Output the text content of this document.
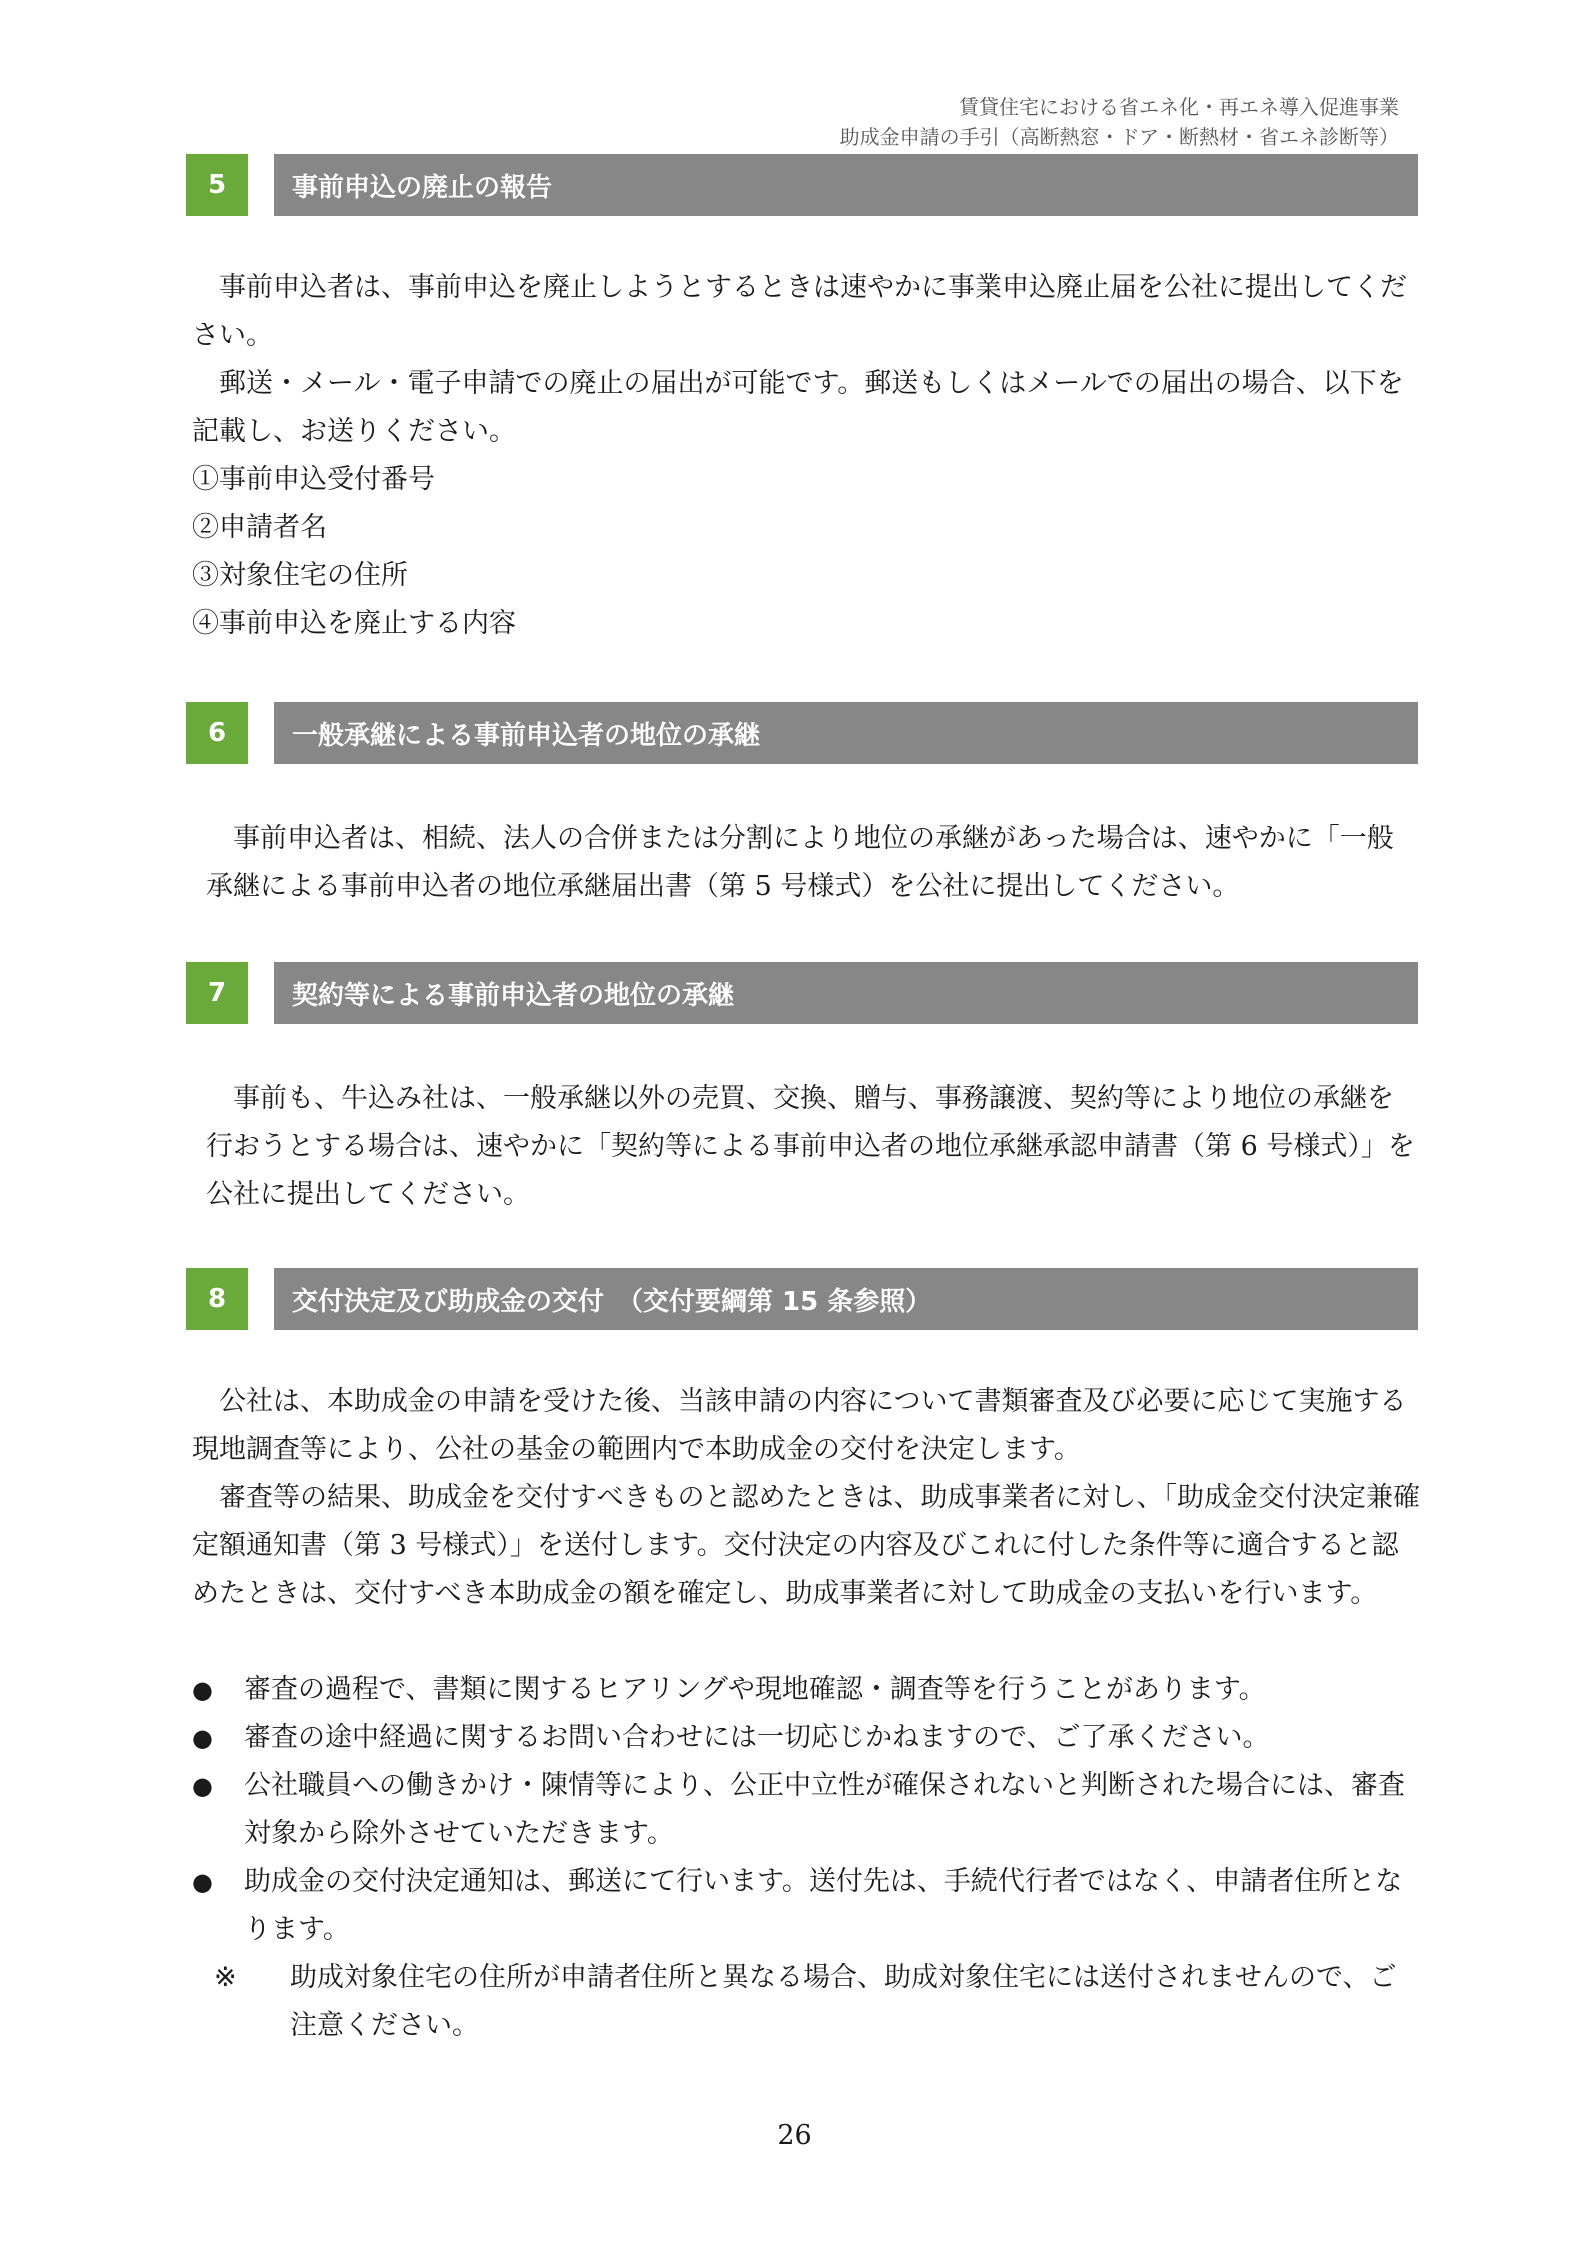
賃貸住宅における省エネ化・再エネ導入促進事業
助成金申請の手引（高断熱窓・ドア・断熱材・省エネ診断等）
5	事前申込の廃止の報告

事前申込者は、事前申込を廃止しようとするときは速やかに事業申込廃止届を公社に提出してください。

郵送・メール・電子申請での廃止の届出が可能です。郵送もしくはメールでの届出の場合、以下を記載し、お送りください。

①事前申込受付番号

②申請者名

③対象住宅の住所

④事前申込を廃止する内容

6	一般承継による事前申込者の地位の承継

事前申込者は、相続、法人の合併または分割により地位の承継があった場合は、速やかに「一般承継による事前申込者の地位承継届出書（第 5 号様式）を公社に提出してください。

7	契約等による事前申込者の地位の承継

事前も、牛込み社は、一般承継以外の売買、交換、贈与、事務譲渡、契約等により地位の承継を行おうとする場合は、速やかに「契約等による事前申込者の地位承継承認申請書（第 6 号様式）」を公社に提出してください。

8	交付決定及び助成金の交付　（交付要綱第 15 条参照）

公社は、本助成金の申請を受けた後、当該申請の内容について書類審査及び必要に応じて実施する現地調査等により、公社の基金の範囲内で本助成金の交付を決定します。

審査等の結果、助成金を交付すべきものと認めたときは、助成事業者に対し、「助成金交付決定兼確定額通知書（第 3 号様式）」を送付します。交付決定の内容及びこれに付した条件等に適合すると認めたときは、交付すべき本助成金の額を確定し、助成事業者に対して助成金の支払いを行います。

● 審査の過程で、書類に関するヒアリングや現地確認・調査等を行うことがあります。
● 審査の途中経過に関するお問い合わせには一切応じかねますので、ご了承ください。
● 公社職員への働きかけ・陳情等により、公正中立性が確保されないと判断された場合には、審査対象から除外させていただきます。
● 助成金の交付決定通知は、郵送にて行います。送付先は、手続代行者ではなく、申請者住所となります。
※ 助成対象住宅の住所が申請者住所と異なる場合、助成対象住宅には送付されませんので、ご注意ください。
26
